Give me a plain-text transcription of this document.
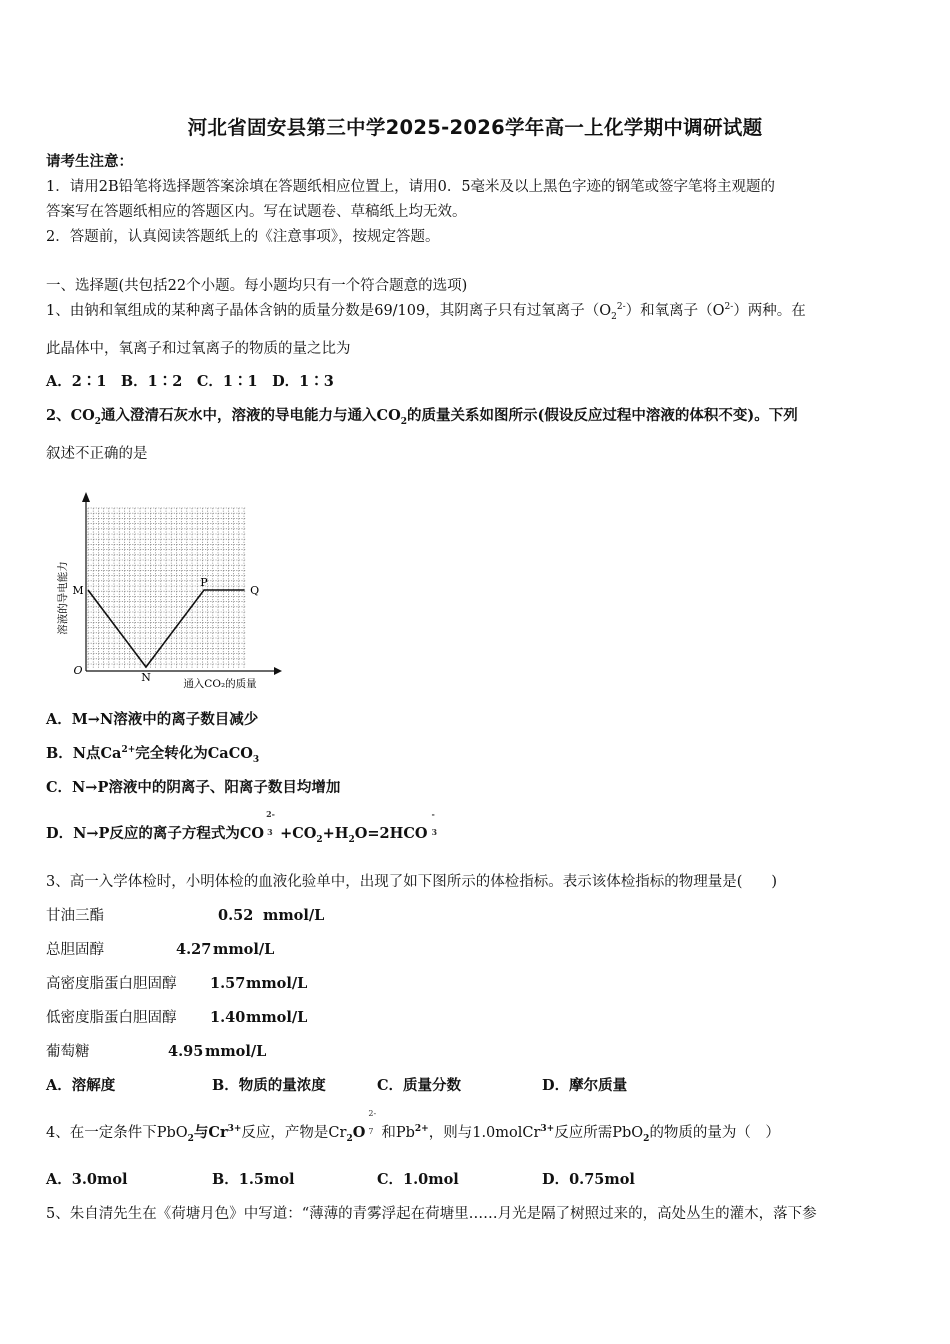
河北省固安县第三中学2025-2026学年高一上化学期中调研试题
请考生注意：
1．请用2B铅笔将选择题答案涂填在答题纸相应位置上，请用0．5毫米及以上黑色字迹的钢笔或签字笔将主观题的
答案写在答题纸相应的答题区内。写在试题卷、草稿纸上均无效。
2．答题前，认真阅读答题纸上的《注意事项》，按规定答题。
一、选择题(共包括22个小题。每小题均只有一个符合题意的选项)
1、由钠和氧组成的某种离子晶体含钠的质量分数是69/109，其阴离子只有过氧离子$(O_2^{2-})$和氧离子$(O^{2-})$两种。在
此晶体中，氧离子和过氧离子的物质的量之比为
A．2∶1　B．1∶2　C．1∶1　D．1∶3
2、$CO_2$通入澄清石灰水中，溶液的导电能力与通入$CO_2$的质量关系如图所示(假设反应过程中溶液的体积不变)。下列
叙述不正确的是
溶液的导电能力
通入CO₂的质量
O
M
N
P
Q
A．M→N溶液中的离子数目减少
B．N点$Ca^{2+}$完全转化为CaCO$_3$
C．N→P溶液中的阴离子、阳离子数目均增加
D．N→P反应的离子方程式为CO
2-
$3 +CO_2+H_2O=2HCO$
-
3
3、高一入学体检时，小明体检的血液化验单中，出现了如下图所示的体检指标。表示该体检指标的物理量是(　　)
甘油三酯	0.52 mmol/L
总胆固醇	4.27 mmol/L
高密度脂蛋白胆固醇 1.57 mmol/L
低密度脂蛋白胆固醇 1.40 mmol/L
葡萄糖	4.95 mmol/L
A．溶解度	B．物质的量浓度	C．质量分数	D．摩尔质量
4、在一定条件下PbO$_2$与$Cr^{3+}$反应，产物是$Cr_2O$
2-
7 和$Pb^{2+}$，则与1.0molCr$^{3+}$反应所需PbO$_2$的物质的量为（　）
A．3.0mol	B．1.5mol	C．1.0mol	D．0.75mol
5、朱自清先生在《荷塘月色》中写道：“薄薄的青雾浮起在荷塘里……月光是隔了树照过来的，高处丛生的灌木，落下参
